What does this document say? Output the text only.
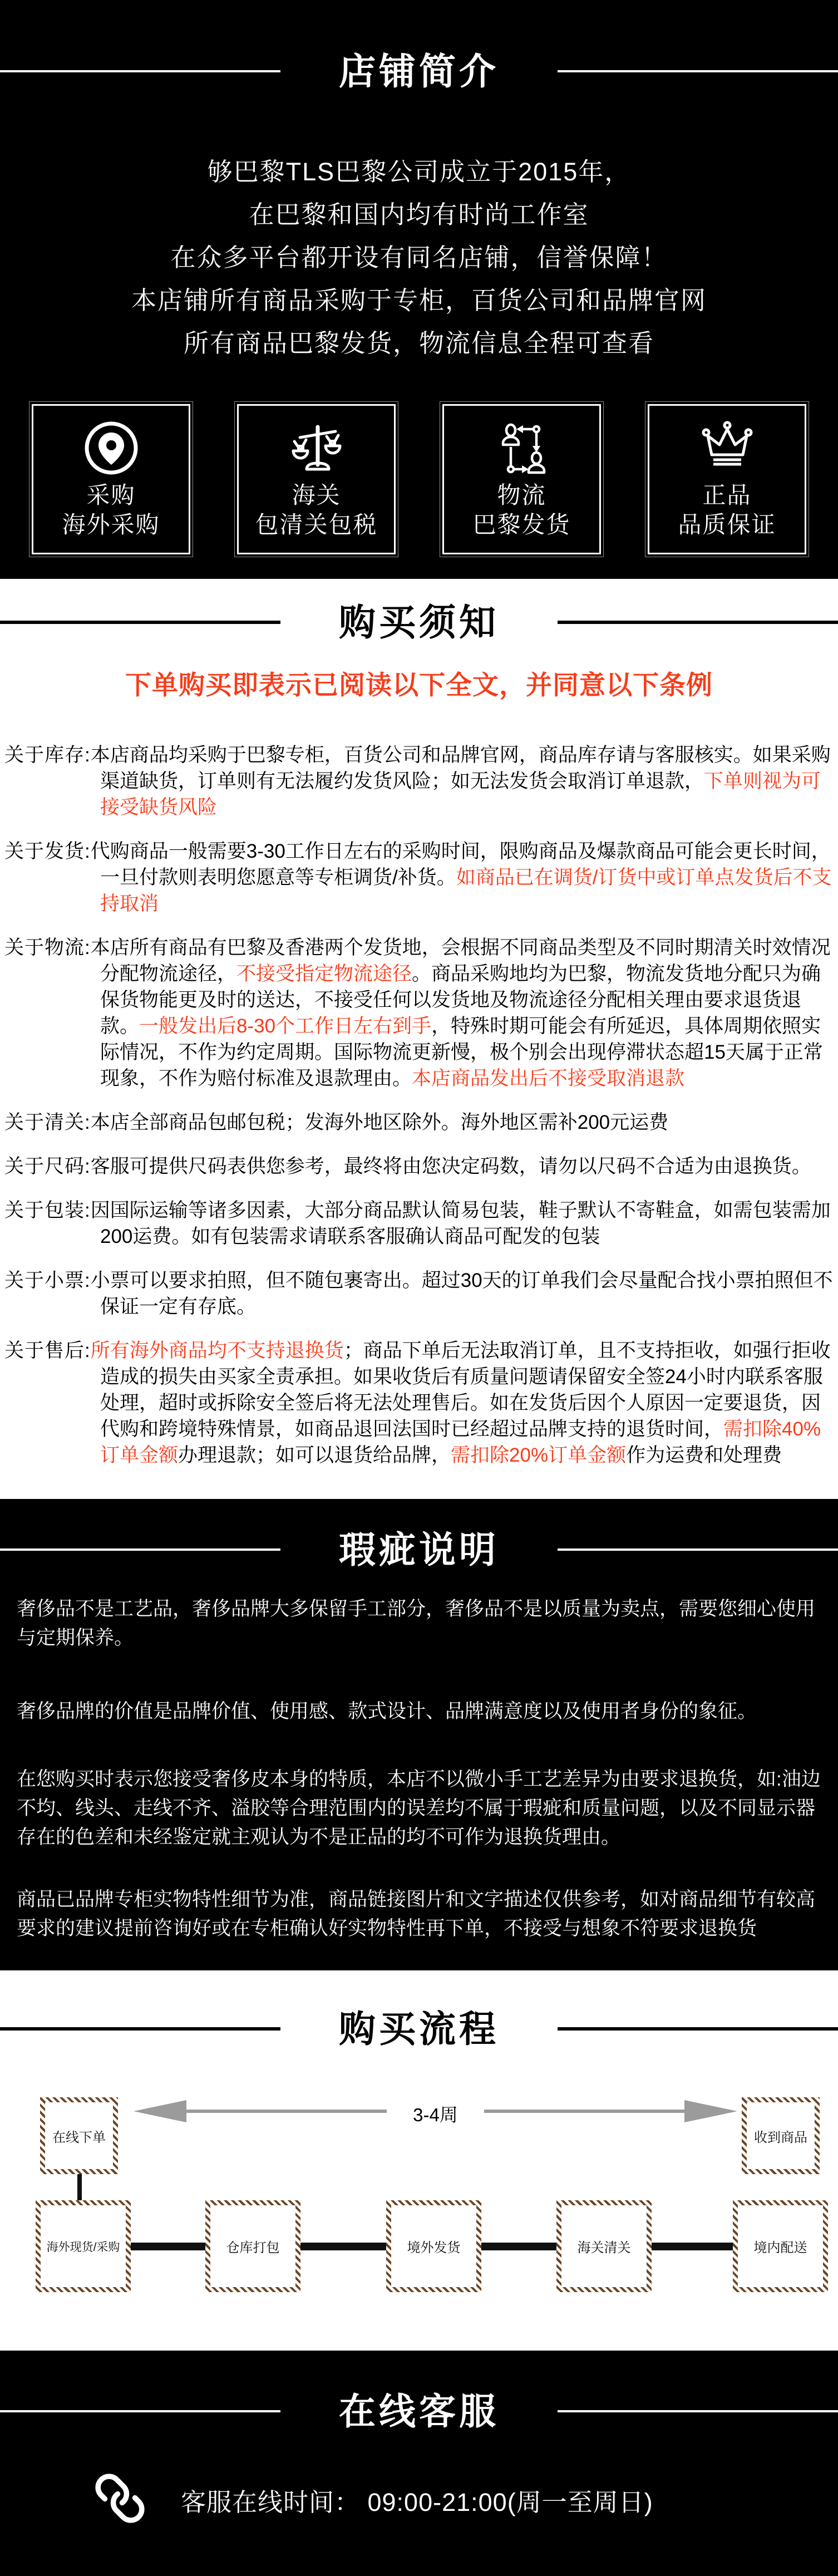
店铺简介

够巴黎TLS巴黎公司成立于2015年，

在巴黎和国内均有时尚工作室

在众多平台都开设有同名店铺，信誉保障！

本店铺所有商品采购于专柜，百货公司和品牌官网

所有商品巴黎发货，物流信息全程可查看

采购
海外采购
海关
包清关包税
物流
巴黎发货
正品
品质保证
购买须知
下单购买即表示已阅读以下全文，并同意以下条例
关于库存:本店商品均采购于巴黎专柜，百货公司和品牌官网，商品库存请与客服核实。如果采购渠道缺货，订单则有无法履约发货风险；如无法发货会取消订单退款，下单则视为可接受缺货风险
关于发货:代购商品一般需要3-30工作日左右的采购时间，限购商品及爆款商品可能会更长时间，一旦付款则表明您愿意等专柜调货/补货。如商品已在调货/订货中或订单点发货后不支持取消
关于物流:本店所有商品有巴黎及香港两个发货地，会根据不同商品类型及不同时期清关时效情况分配物流途径，不接受指定物流途径。商品采购地均为巴黎，物流发货地分配只为确保货物能更及时的送达，不接受任何以发货地及物流途径分配相关理由要求退货退款。一般发出后8-30个工作日左右到手，特殊时期可能会有所延迟，具体周期依照实际情况，不作为约定周期。国际物流更新慢，极个别会出现停滞状态超15天属于正常现象，不作为赔付标准及退款理由。本店商品发出后不接受取消退款
关于清关:本店全部商品包邮包税；发海外地区除外。海外地区需补200元运费
关于尺码:客服可提供尺码表供您参考，最终将由您决定码数，请勿以尺码不合适为由退换货。
关于包装:因国际运输等诸多因素，大部分商品默认简易包装，鞋子默认不寄鞋盒，如需包装需加200运费。如有包装需求请联系客服确认商品可配发的包装
关于小票:小票可以要求拍照，但不随包裹寄出。超过30天的订单我们会尽量配合找小票拍照但不保证一定有存底。
关于售后:所有海外商品均不支持退换货；商品下单后无法取消订单，且不支持拒收，如强行拒收造成的损失由买家全责承担。如果收货后有质量问题请保留安全签24小时内联系客服处理，超时或拆除安全签后将无法处理售后。如在发货后因个人原因一定要退货，因代购和跨境特殊情景，如商品退回法国时已经超过品牌支持的退货时间，需扣除40%订单金额办理退款；如可以退货给品牌，需扣除20%订单金额作为运费和处理费
瑕疵说明

奢侈品不是工艺品，奢侈品牌大多保留手工部分，奢侈品不是以质量为卖点，需要您细心使用与定期保养。

奢侈品牌的价值是品牌价值、使用感、款式设计、品牌满意度以及使用者身份的象征。

在您购买时表示您接受奢侈皮本身的特质，本店不以微小手工艺差异为由要求退换货，如:油边不均、线头、走线不齐、溢胶等合理范围内的误差均不属于瑕疵和质量问题，以及不同显示器存在的色差和未经鉴定就主观认为不是正品的均不可作为退换货理由。

商品已品牌专柜实物特性细节为准，商品链接图片和文字描述仅供参考，如对商品细节有较高要求的建议提前咨询好或在专柜确认好实物特性再下单，不接受与想象不符要求退换货

购买流程
3-4周
在线下单	收到商品
海外现货/采购	仓库打包	境外发货	海关清关	境内配送
在线客服
客服在线时间： 09:00-21:00(周一至周日)
